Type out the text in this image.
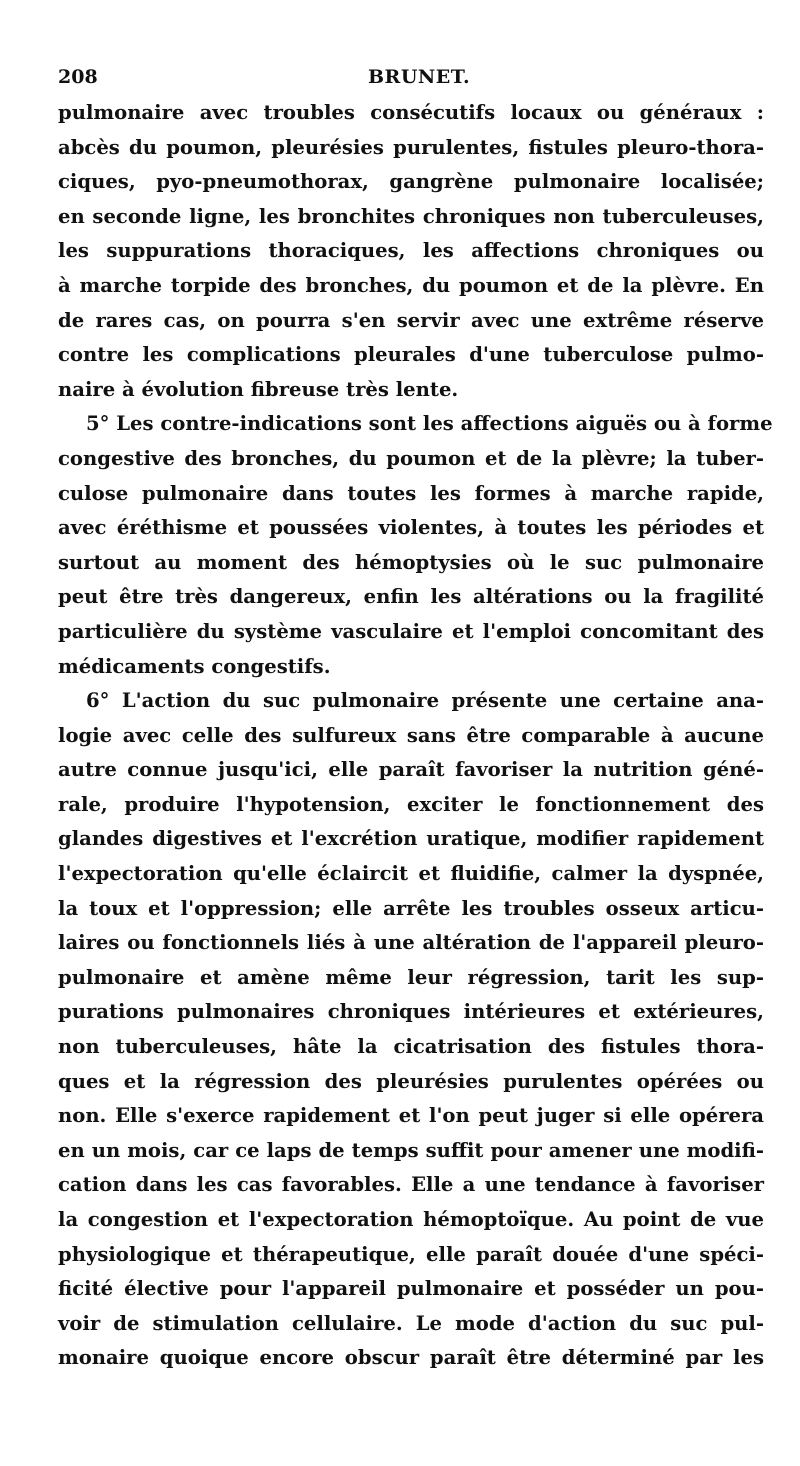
208	BRUNET.
pulmonaire avec troubles consécutifs locaux ou généraux :
abcès du poumon, pleurésies purulentes, fistules pleuro-thora-
ciques, pyo-pneumothorax, gangrène pulmonaire localisée;
en seconde ligne, les bronchites chroniques non tuberculeuses,
les suppurations thoraciques, les affections chroniques ou
à marche torpide des bronches, du poumon et de la plèvre. En
de rares cas, on pourra s'en servir avec une extrême réserve
contre les complications pleurales d'une tuberculose pulmo-
naire à évolution fibreuse très lente.
5° Les contre-indications sont les affections aiguës ou à forme
congestive des bronches, du poumon et de la plèvre; la tuber-
culose pulmonaire dans toutes les formes à marche rapide,
avec éréthisme et poussées violentes, à toutes les périodes et
surtout au moment des hémoptysies où le suc pulmonaire
peut être très dangereux, enfin les altérations ou la fragilité
particulière du système vasculaire et l'emploi concomitant des
médicaments congestifs.
6° L'action du suc pulmonaire présente une certaine ana-
logie avec celle des sulfureux sans être comparable à aucune
autre connue jusqu'ici, elle paraît favoriser la nutrition géné-
rale, produire l'hypotension, exciter le fonctionnement des
glandes digestives et l'excrétion uratique, modifier rapidement
l'expectoration qu'elle éclaircit et fluidifie, calmer la dyspnée,
la toux et l'oppression; elle arrête les troubles osseux articu-
laires ou fonctionnels liés à une altération de l'appareil pleuro-
pulmonaire et amène même leur régression, tarit les sup-
purations pulmonaires chroniques intérieures et extérieures,
non tuberculeuses, hâte la cicatrisation des fistules thora-
ques et la régression des pleurésies purulentes opérées ou
non. Elle s'exerce rapidement et l'on peut juger si elle opérera
en un mois, car ce laps de temps suffit pour amener une modifi-
cation dans les cas favorables. Elle a une tendance à favoriser
la congestion et l'expectoration hémoptoïque. Au point de vue
physiologique et thérapeutique, elle paraît douée d'une spéci-
ficité élective pour l'appareil pulmonaire et posséder un pou-
voir de stimulation cellulaire. Le mode d'action du suc pul-
monaire quoique encore obscur paraît être déterminé par les
